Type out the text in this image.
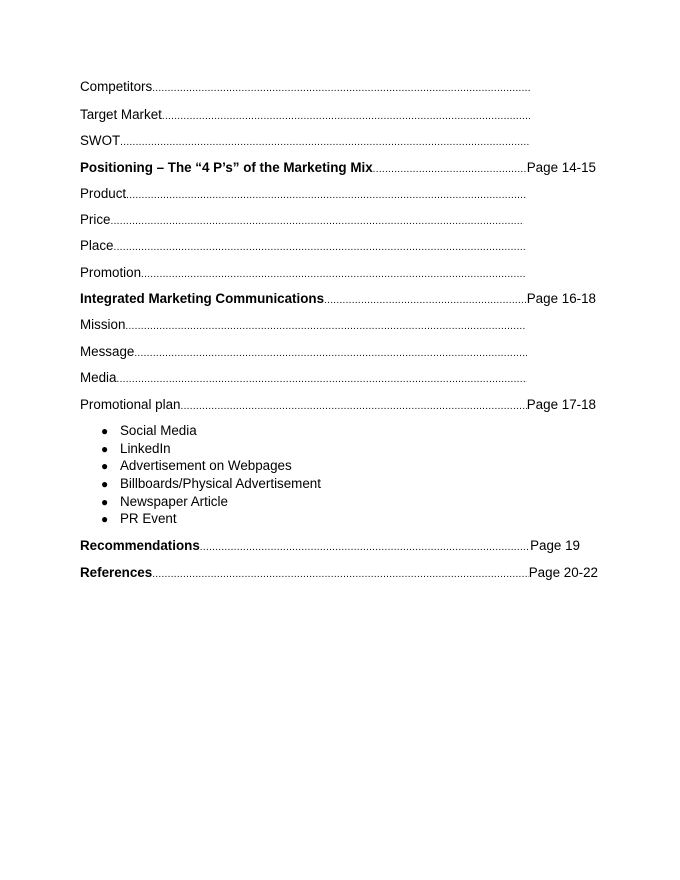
Competitors
.....
Target Market
.....
SWOT
.....
Positioning – The “4 P’s” of the Marketing Mix .....	Page 14-15
Product
.....
Price
.....
Place
.....
Promotion
.....
Integrated Marketing Communications .....	Page 16-18
Mission
.....
Message
.....
Media
.....
Promotional plan .....	Page 17-18
● Social Media
● LinkedIn
● Advertisement on Webpages
● Billboards/Physical Advertisement
● Newspaper Article
● PR Event
Recommendations .....	Page 19
References .....	Page 20-22
